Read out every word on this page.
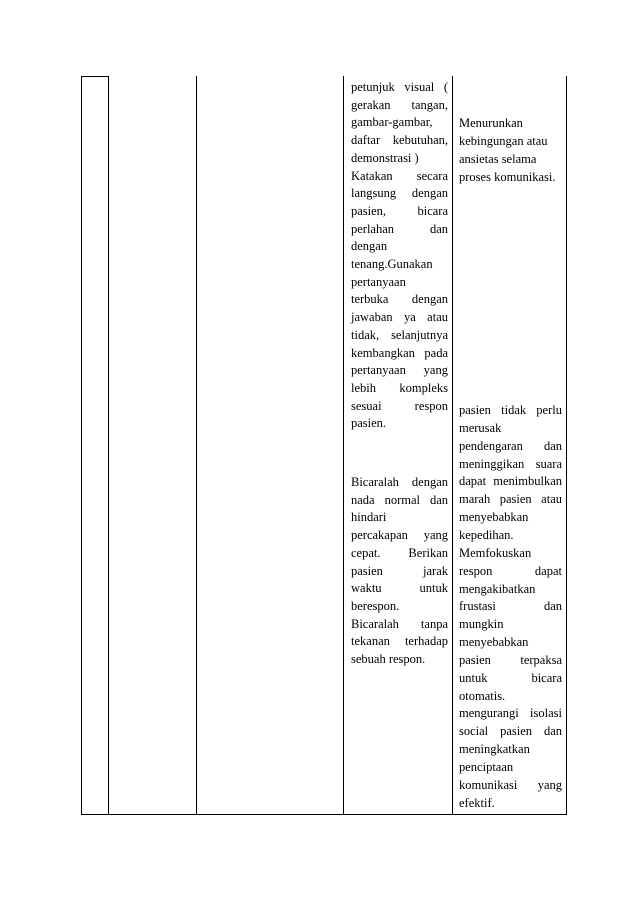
petunjuk visual (
gerakan tangan,
gambar-gambar,
daftar kebutuhan,
demonstrasi )
Katakan secara
langsung dengan
pasien, bicara
perlahan dan
dengan
tenang.Gunakan
pertanyaan
terbuka dengan
jawaban ya atau
tidak, selanjutnya
kembangkan pada
pertanyaan yang
lebih kompleks
sesuai respon
pasien.
Bicaralah dengan
nada normal dan
hindari
percakapan yang
cepat. Berikan
pasien jarak
waktu untuk
berespon.
Bicaralah tanpa
tekanan terhadap
sebuah respon.
Menurunkan
kebingungan atau
ansietas selama
proses komunikasi.
pasien tidak perlu
merusak
pendengaran dan
meninggikan suara
dapat menimbulkan
marah pasien atau
menyebabkan
kepedihan.
Memfokuskan
respon dapat
mengakibatkan
frustasi dan
mungkin
menyebabkan
pasien terpaksa
untuk bicara
otomatis.
mengurangi isolasi
social pasien dan
meningkatkan
penciptaan
komunikasi yang
efektif.
